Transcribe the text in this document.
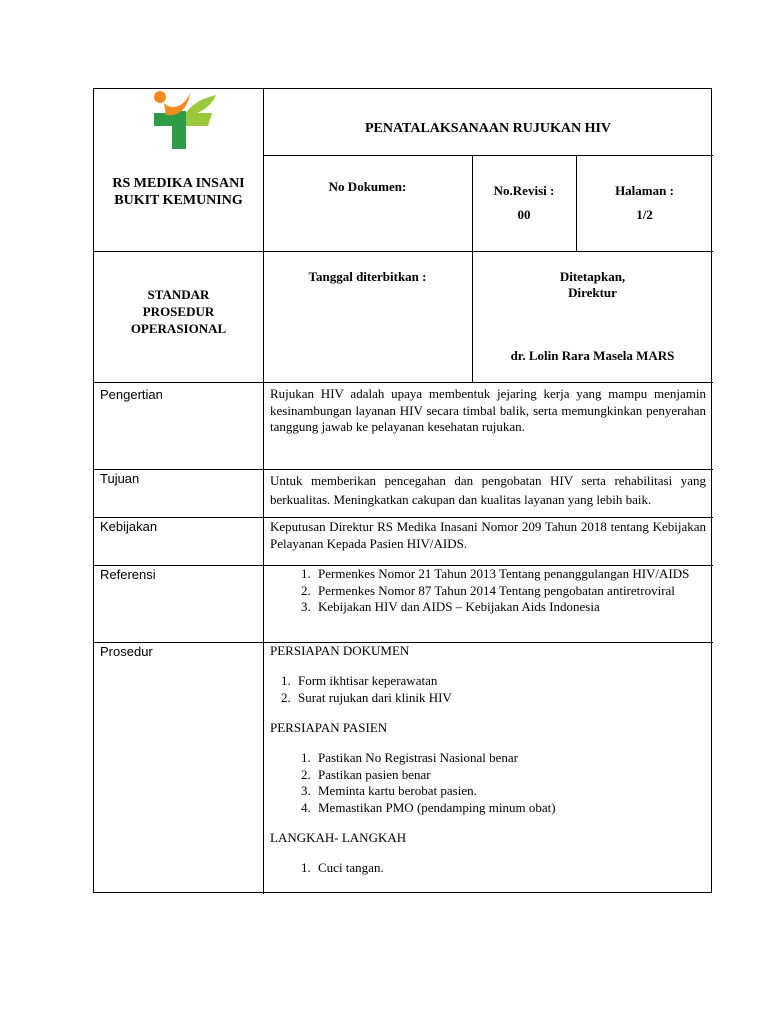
RS MEDIKA INSANI
BUKIT KEMUNING
PENATALAKSANAAN RUJUKAN HIV
No Dokumen:	No.Revisi :
00
Halaman :
1/2
STANDAR
PROSEDUR
OPERASIONAL
Tanggal diterbitkan :	Ditetapkan,
Direktur
dr. Lolin Rara Masela MARS
Pengertian	Rujukan HIV adalah upaya membentuk jejaring kerja yang mampu menjamin kesinambungan layanan HIV secara timbal balik, serta memungkinkan penyerahan tanggung jawab ke pelayanan kesehatan rujukan.
Tujuan	Untuk memberikan pencegahan dan pengobatan HIV serta rehabilitasi yang berkualitas. Meningkatkan cakupan dan kualitas layanan yang lebih baik.
Kebijakan	Keputusan Direktur RS Medika Inasani Nomor 209 Tahun 2018 tentang Kebijakan Pelayanan Kepada Pasien HIV/AIDS.
Referensi
1.	Permenkes Nomor 21 Tahun 2013 Tentang penanggulangan HIV/AIDS
2. Permenkes Nomor 87 Tahun 2014 Tentang pengobatan antiretroviral
3. Kebijakan HIV dan AIDS – Kebijakan Aids Indonesia
Prosedur	PERSIAPAN DOKUMEN
1. Form ikhtisar keperawatan
2. Surat rujukan dari klinik HIV
PERSIAPAN PASIEN
1. Pastikan No Registrasi Nasional benar
2. Pastikan pasien benar
3. Meminta kartu berobat pasien.
4. Memastikan PMO (pendamping minum obat)
LANGKAH- LANGKAH
1. Cuci tangan.
